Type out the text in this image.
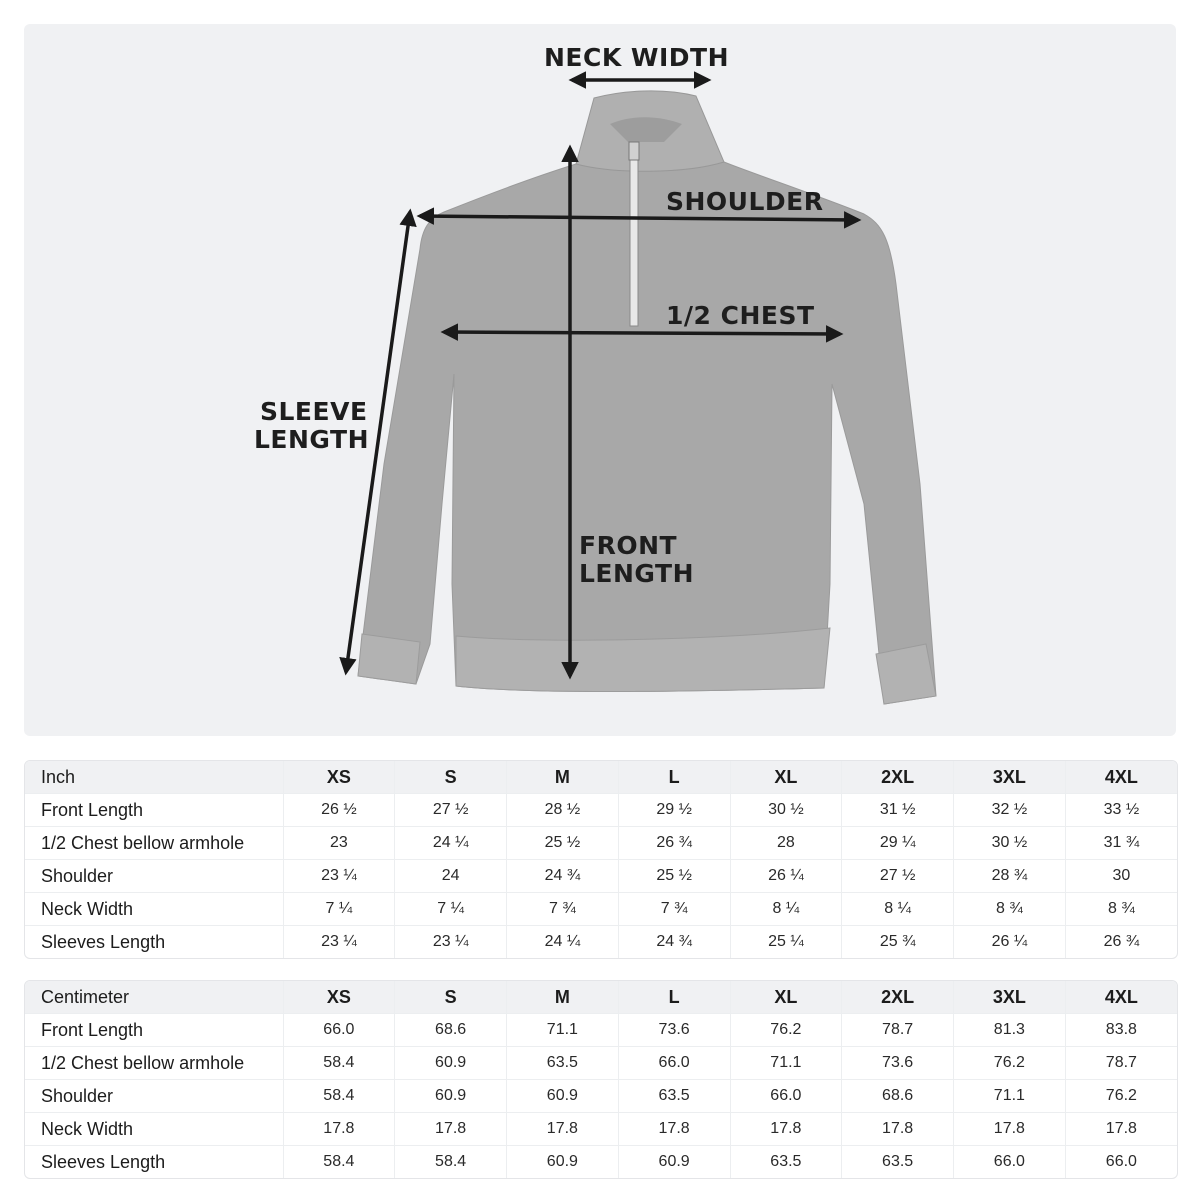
NECK WIDTH
SHOULDER
1/2 CHEST
SLEEVE
LENGTH
FRONT
LENGTH
Inch	XS	S	M	L	XL	2XL	3XL	4XL
Front Length	26 ½	27 ½	28 ½	29 ½	30 ½	31 ½	32 ½	33 ½
1/2 Chest bellow armhole	23	24 ¼	25 ½	26 ¾	28	29 ¼	30 ½	31 ¾
Shoulder	23 ¼	24	24 ¾	25 ½	26 ¼	27 ½	28 ¾	30
Neck Width	7 ¼	7 ¼	7 ¾	7 ¾	8 ¼	8 ¼	8 ¾	8 ¾
Sleeves Length	23 ¼	23 ¼	24 ¼	24 ¾	25 ¼	25 ¾	26 ¼	26 ¾
Centimeter	XS	S	M	L	XL	2XL	3XL	4XL
Front Length	66.0	68.6	71.1	73.6	76.2	78.7	81.3	83.8
1/2 Chest bellow armhole	58.4	60.9	63.5	66.0	71.1	73.6	76.2	78.7
Shoulder	58.4	60.9	60.9	63.5	66.0	68.6	71.1	76.2
Neck Width	17.8	17.8	17.8	17.8	17.8	17.8	17.8	17.8
Sleeves Length	58.4	58.4	60.9	60.9	63.5	63.5	66.0	66.0
